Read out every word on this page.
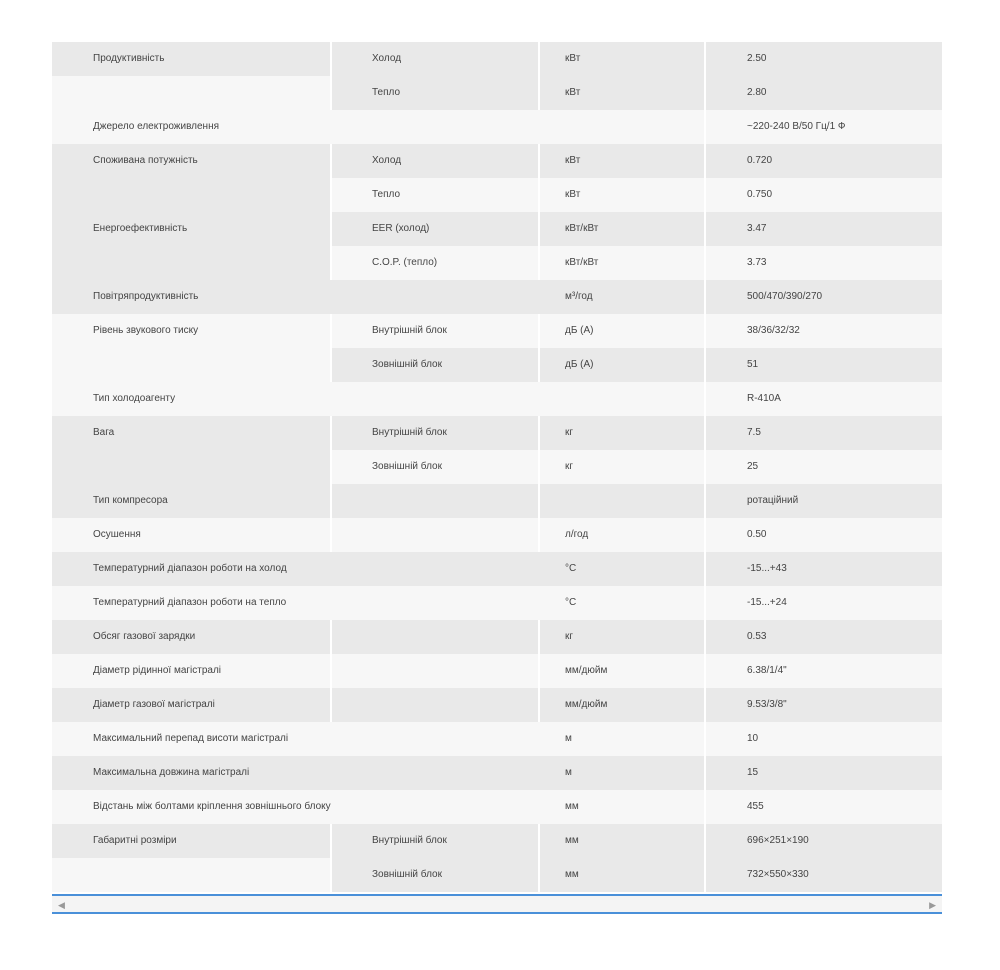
Продуктивність	Холод	кВт	2.50
Тепло	кВт	2.80
Джерело електроживлення	~220-240 В/50 Гц/1 Ф
Споживана потужність	Холод	кВт	0.720
Тепло	кВт	0.750
Енергоефективність	EER (холод)	кВт/кВт	3.47
C.O.P. (тепло)	кВт/кВт	3.73
Повітряпродуктивність	м³/год	500/470/390/270
Рівень звукового тиску	Внутрішній блок	дБ (А)	38/36/32/32
Зовнішній блок	дБ (А)	51
Тип холодоагенту	R-410A
Вага	Внутрішній блок	кг	7.5
Зовнішній блок	кг	25
Тип компресора	ротаційний
Осушення	л/год	0.50
Температурний діапазон роботи на холод	°С	-15...+43
Температурний діапазон роботи на тепло	°С	-15...+24
Обсяг газової зарядки	кг	0.53
Діаметр рідинної магістралі	мм/дюйм	6.38/1/4"
Діаметр газової магістралі	мм/дюйм	9.53/3/8"
Максимальний перепад висоти магістралі	м	10
Максимальна довжина магістралі	м	15
Відстань між болтами кріплення зовнішнього блоку	мм	455
Габаритні розміри	Внутрішній блок	мм	696×251×190
Зовнішній блок	мм	732×550×330
◀	▶
